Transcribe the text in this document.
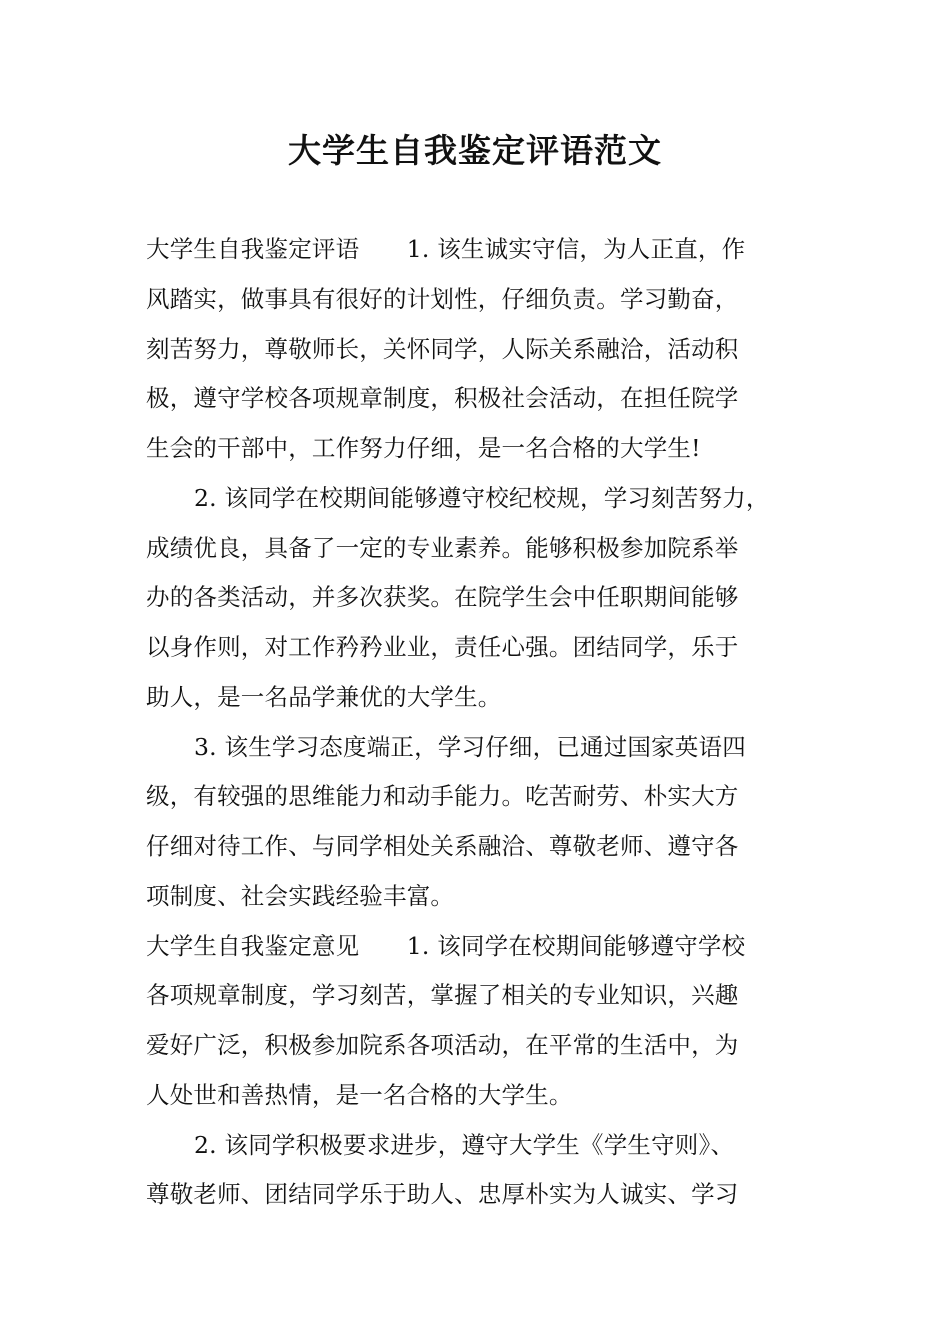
大学生自我鉴定评语范文
大学生自我鉴定评语　　1. 该生诚实守信，为人正直，作
风踏实，做事具有很好的计划性，仔细负责。学习勤奋，
刻苦努力，尊敬师长，关怀同学，人际关系融洽，活动积
极，遵守学校各项规章制度，积极社会活动，在担任院学
生会的干部中，工作努力仔细，是一名合格的大学生!
2. 该同学在校期间能够遵守校纪校规，学习刻苦努力，
成绩优良，具备了一定的专业素养。能够积极参加院系举
办的各类活动，并多次获奖。在院学生会中任职期间能够
以身作则，对工作矜矜业业，责任心强。团结同学，乐于
助人，是一名品学兼优的大学生。
3. 该生学习态度端正，学习仔细，已通过国家英语四
级，有较强的思维能力和动手能力。吃苦耐劳、朴实大方
仔细对待工作、与同学相处关系融洽、尊敬老师、遵守各
项制度、社会实践经验丰富。
大学生自我鉴定意见　　1. 该同学在校期间能够遵守学校
各项规章制度，学习刻苦，掌握了相关的专业知识，兴趣
爱好广泛，积极参加院系各项活动，在平常的生活中，为
人处世和善热情，是一名合格的大学生。
2. 该同学积极要求进步，遵守大学生《学生守则》、
尊敬老师、团结同学乐于助人、忠厚朴实为人诚实、学习
